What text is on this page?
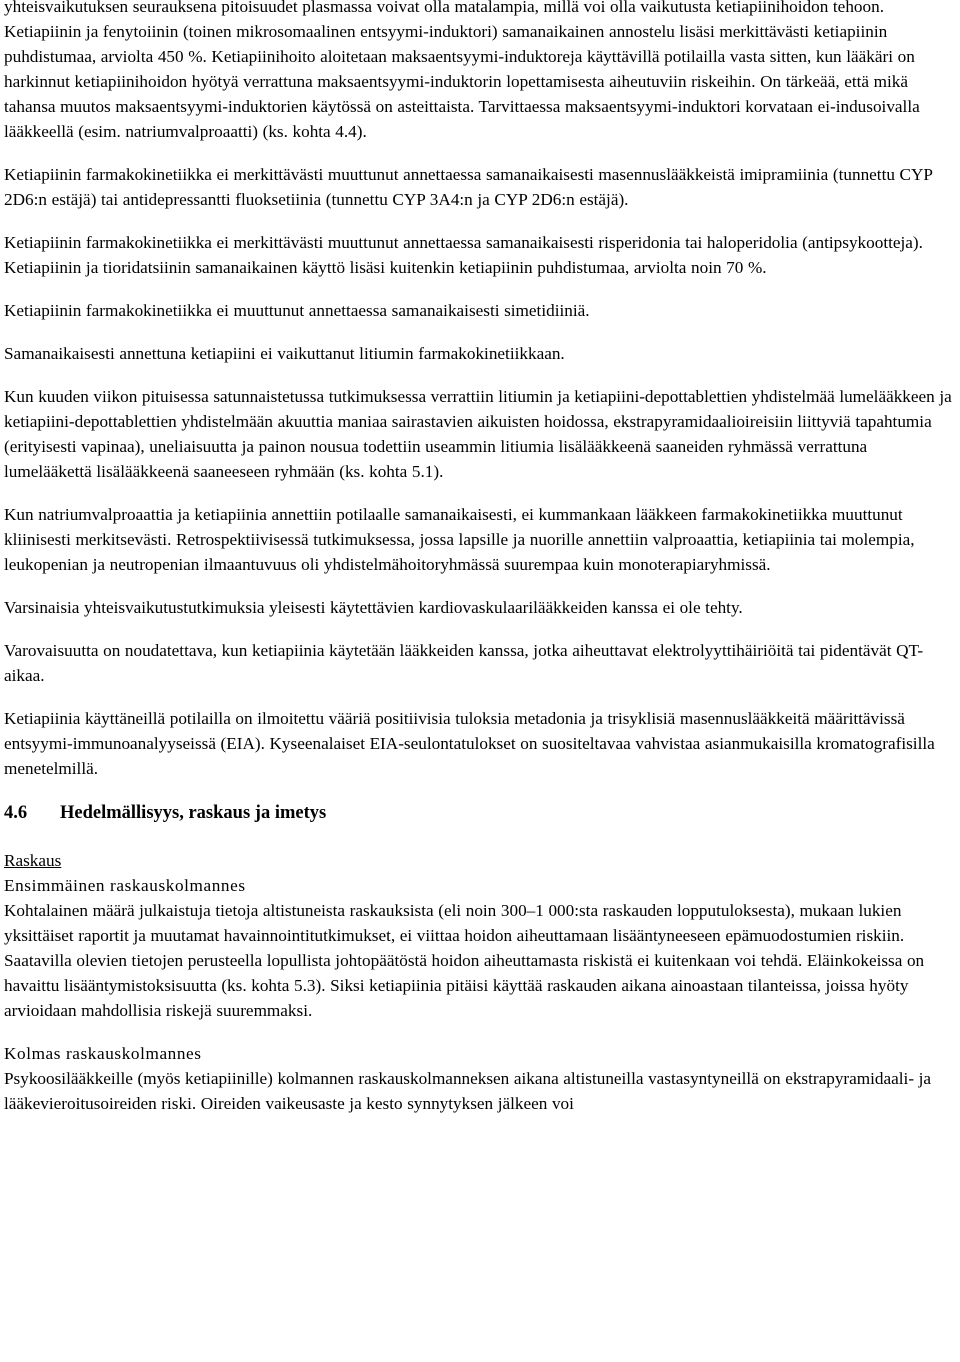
yhteisvaikutuksen seurauksena pitoisuudet plasmassa voivat olla matalampia, millä voi olla vaikutusta ketiapiinihoidon tehoon. Ketiapiinin ja fenytoiinin (toinen mikrosomaalinen entsyymi-induktori) samanaikainen annostelu lisäsi merkittävästi ketiapiinin puhdistumaa, arviolta 450 %. Ketiapiinihoito aloitetaan maksaentsyymi-induktoreja käyttävillä potilailla vasta sitten, kun lääkäri on harkinnut ketiapiinihoidon hyötyä verrattuna maksaentsyymi-induktorin lopettamisesta aiheutuviin riskeihin. On tärkeää, että mikä tahansa muutos maksaentsyymi-induktorien käytössä on asteittaista. Tarvittaessa maksaentsyymi-induktori korvataan ei-indusoivalla lääkkeellä (esim. natriumvalproaatti) (ks. kohta 4.4).

Ketiapiinin farmakokinetiikka ei merkittävästi muuttunut annettaessa samanaikaisesti masennuslääkkeistä imipramiinia (tunnettu CYP 2D6:n estäjä) tai antidepressantti fluoksetiinia (tunnettu CYP 3A4:n ja CYP 2D6:n estäjä).

Ketiapiinin farmakokinetiikka ei merkittävästi muuttunut annettaessa samanaikaisesti risperidonia tai haloperidolia (antipsykootteja). Ketiapiinin ja tioridatsiinin samanaikainen käyttö lisäsi kuitenkin ketiapiinin puhdistumaa, arviolta noin 70 %.

Ketiapiinin farmakokinetiikka ei muuttunut annettaessa samanaikaisesti simetidiiniä.

Samanaikaisesti annettuna ketiapiini ei vaikuttanut litiumin farmakokinetiikkaan.

Kun kuuden viikon pituisessa satunnaistetussa tutkimuksessa verrattiin litiumin ja ketiapiini-depottablettien yhdistelmää lumelääkkeen ja ketiapiini-depottablettien yhdistelmään akuuttia maniaa sairastavien aikuisten hoidossa, ekstrapyramidaalioireisiin liittyviä tapahtumia (erityisesti vapinaa), uneliaisuutta ja painon nousua todettiin useammin litiumia lisälääkkeenä saaneiden ryhmässä verrattuna lumelääkettä lisälääkkeenä saaneeseen ryhmään (ks. kohta 5.1).

Kun natriumvalproaattia ja ketiapiinia annettiin potilaalle samanaikaisesti, ei kummankaan lääkkeen farmakokinetiikka muuttunut kliinisesti merkitsevästi. Retrospektiivisessä tutkimuksessa, jossa lapsille ja nuorille annettiin valproaattia, ketiapiinia tai molempia, leukopenian ja neutropenian ilmaantuvuus oli yhdistelmähoitoryhmässä suurempaa kuin monoterapiaryhmissä.

Varsinaisia yhteisvaikutustutkimuksia yleisesti käytettävien kardiovaskulaarilääkkeiden kanssa ei ole tehty.

Varovaisuutta on noudatettava, kun ketiapiinia käytetään lääkkeiden kanssa, jotka aiheuttavat elektrolyyttihäiriöitä tai pidentävät QT-aikaa.

Ketiapiinia käyttäneillä potilailla on ilmoitettu vääriä positiivisia tuloksia metadonia ja trisyklisiä masennuslääkkeitä määrittävissä entsyymi-immunoanalyyseissä (EIA). Kyseenalaiset EIA-seulontatulokset on suositeltavaa vahvistaa asianmukaisilla kromatografisilla menetelmillä.

4.6 Hedelmällisyys, raskaus ja imetys
Raskaus
Ensimmäinen raskauskolmannes

Kohtalainen määrä julkaistuja tietoja altistuneista raskauksista (eli noin 300–1 000:sta raskauden lopputuloksesta), mukaan lukien yksittäiset raportit ja muutamat havainnointitutkimukset, ei viittaa hoidon aiheuttamaan lisääntyneeseen epämuodostumien riskiin. Saatavilla olevien tietojen perusteella lopullista johtopäätöstä hoidon aiheuttamasta riskistä ei kuitenkaan voi tehdä. Eläinkokeissa on havaittu lisääntymistoksisuutta (ks. kohta 5.3). Siksi ketiapiinia pitäisi käyttää raskauden aikana ainoastaan tilanteissa, joissa hyöty arvioidaan mahdollisia riskejä suuremmaksi.

Kolmas raskauskolmannes

Psykoosilääkkeille (myös ketiapiinille) kolmannen raskauskolmanneksen aikana altistuneilla vastasyntyneillä on ekstrapyramidaali- ja lääkevieroitusoireiden riski. Oireiden vaikeusaste ja kesto synnytyksen jälkeen voi
